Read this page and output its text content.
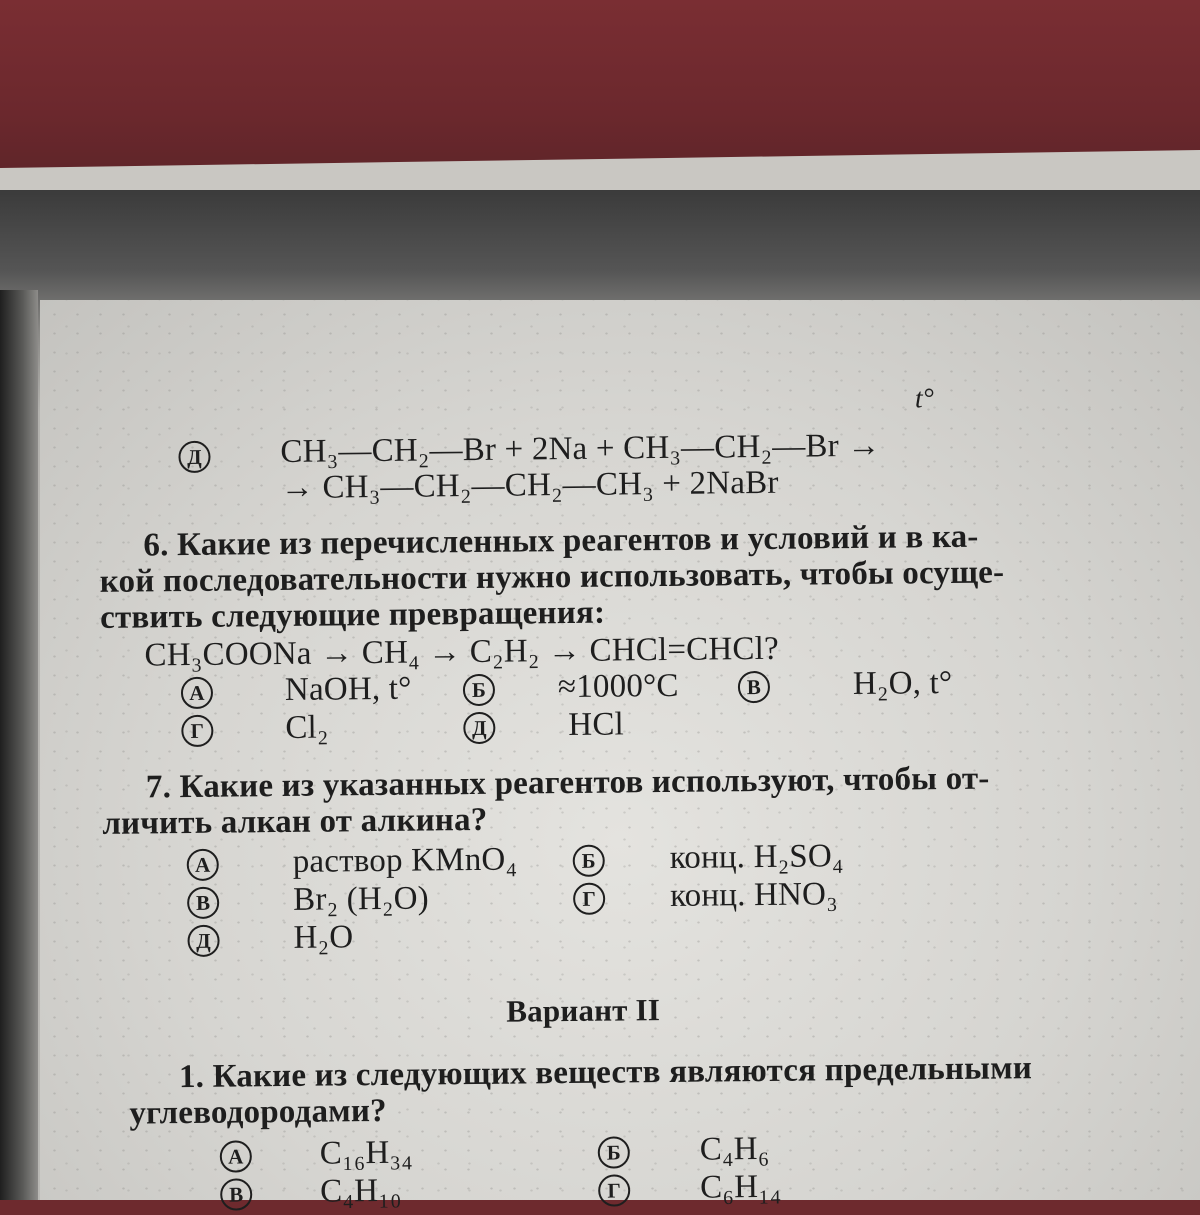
t°
Д CH₃—CH₂—Br + 2Na + CH₃—CH₂—Br →
→ CH₃—CH₂—CH₂—CH₃ + 2NaBr
6. Какие из перечисленных реагентов и условий и в ка-
кой последовательности нужно использовать, чтобы осуще-
ствить следующие превращения:
CH₃COONa → CH₄ → C₂H₂ → CHCl=CHCl?
А NaOH, t°	Б ≈1000°C	В	H₂O, t°
Г Cl₂	Д HCl
7. Какие из указанных реагентов используют, чтобы от-
личить алкан от алкина?
А раствор KMnO₄	Б конц. H₂SO₄
В	Br₂ (H₂O)	Г конц. HNO₃
Д H₂O
Вариант II
1. Какие из следующих веществ являются предельными
углеводородами?
А C₁₆H₃₄	Б C₄H₆
В C₄H₁₀	Г C₆H₁₄
